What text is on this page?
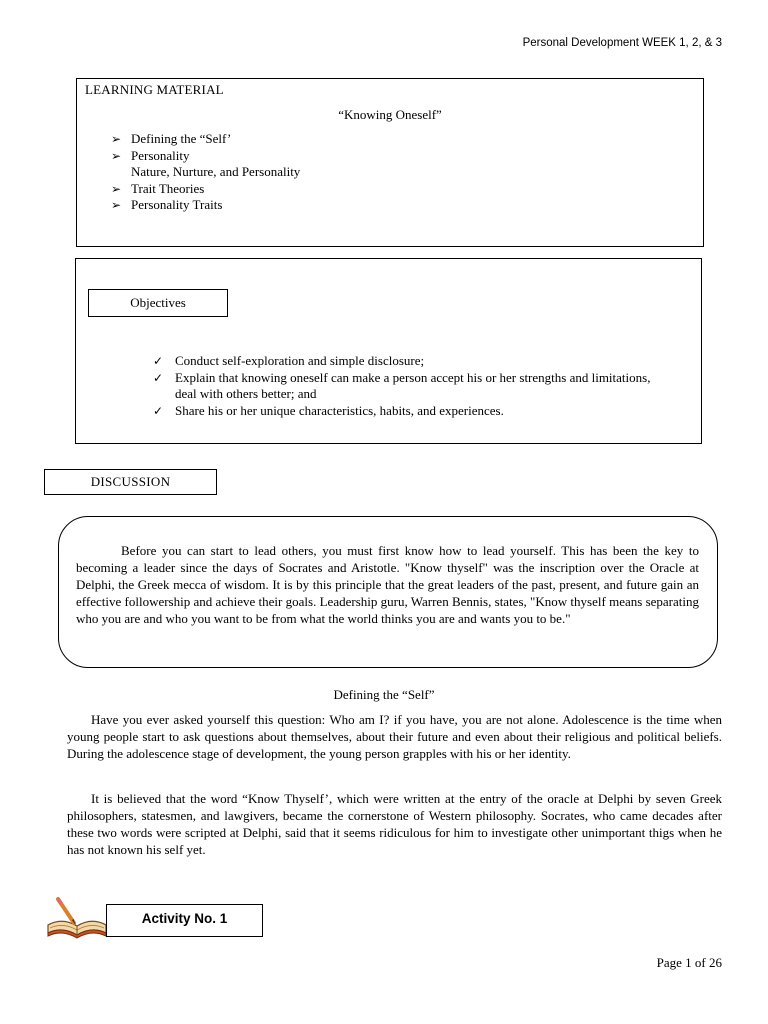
Personal Development WEEK 1, 2, & 3
LEARNING MATERIAL
“Knowing Oneself”
➢ Defining the “Self’
➢ Personality
Nature, Nurture, and Personality
➢ Trait Theories
➢ Personality Traits
Objectives
✓ Conduct self-exploration and simple disclosure;
✓ Explain that knowing oneself can make a person accept his or her strengths and limitations, deal with others better; and
✓ Share his or her unique characteristics, habits, and experiences.
DISCUSSION

Before you can start to lead others, you must first know how to lead yourself. This has been the key to becoming a leader since the days of Socrates and Aristotle. "Know thyself" was the inscription over the Oracle at Delphi, the Greek mecca of wisdom. It is by this principle that the great leaders of the past, present, and future gain an effective followership and achieve their goals. Leadership guru, Warren Bennis, states, "Know thyself means separating who you are and who you want to be from what the world thinks you are and wants you to be."

Defining the “Self”

Have you ever asked yourself this question: Who am I? if you have, you are not alone. Adolescence is the time when young people start to ask questions about themselves, about their future and even about their religious and political beliefs. During the adolescence stage of development, the young person grapples with his or her identity.

It is believed that the word “Know Thyself’, which were written at the entry of the oracle at Delphi by seven Greek philosophers, statesmen, and lawgivers, became the cornerstone of Western philosophy. Socrates, who came decades after these two words were scripted at Delphi, said that it seems ridiculous for him to investigate other unimportant thigs when he has not known his self yet.

Activity No. 1
Page 1 of 26
